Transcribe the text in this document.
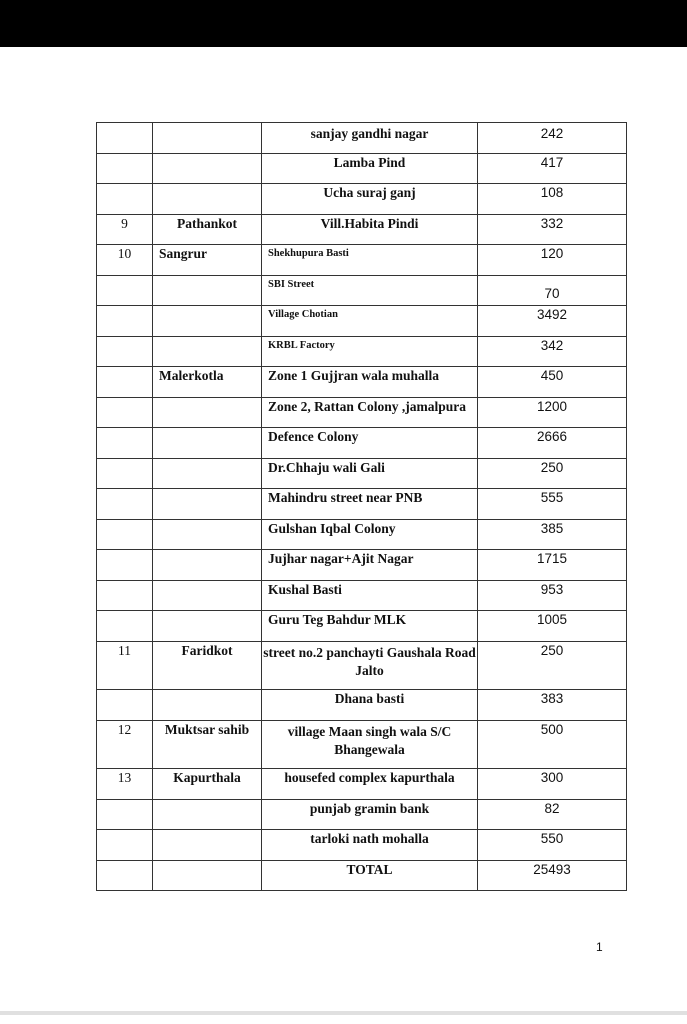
		sanjay gandhi nagar	242
		Lamba Pind	417
		Ucha suraj ganj	108
9	Pathankot	Vill.Habita Pindi	332
10	Sangrur	Shekhupura Basti	120
		SBI Street	70
		Village Chotian	3492
		KRBL Factory	342
	Malerkotla	Zone 1 Gujjran wala muhalla	450
		Zone 2, Rattan Colony ,jamalpura	1200
		Defence Colony	2666
		Dr.Chhaju wali Gali	250
		Mahindru street near PNB	555
		Gulshan Iqbal Colony	385
		Jujhar nagar+Ajit Nagar	1715
		Kushal Basti	953
		Guru Teg Bahdur MLK	1005
11	Faridkot	street no.2 panchayti Gaushala Road Jalto	250
		Dhana basti	383
12	Muktsar sahib	village Maan singh wala S/C Bhangewala	500
13	Kapurthala	housefed complex kapurthala	300
		punjab gramin bank	82
		tarloki nath mohalla	550
		TOTAL	25493
1
